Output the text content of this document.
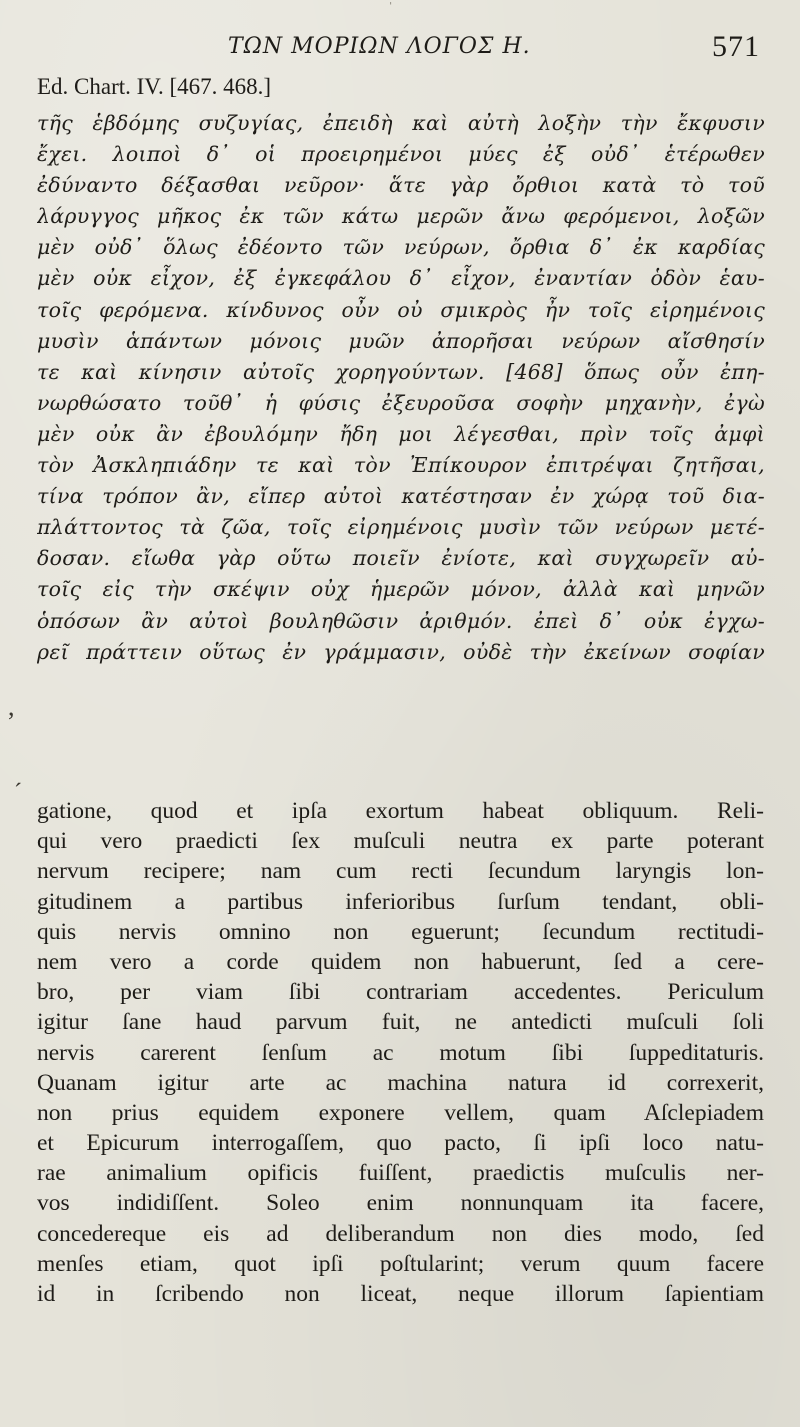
ˈ
ΤΩΝ ΜΟΡΙΩΝ ΛΟΓΟΣ Η.	571
Ed. Chart. IV. [467. 468.]
τῆς ἑβδόμης συζυγίας, ἐπειδὴ καὶ αὐτὴ λοξὴν τὴν ἔκφυσιν
ἔχει. λοιποὶ δ᾽ οἱ προειρημένοι μύες ἐξ οὐδ᾽ ἑτέρωθεν
ἐδύναντο δέξασθαι νεῦρον· ἅτε γὰρ ὄρθιοι κατὰ τὸ τοῦ
λάρυγγος μῆκος ἐκ τῶν κάτω μερῶν ἄνω φερόμενοι, λοξῶν
μὲν οὐδ᾽ ὅλως ἐδέοντο τῶν νεύρων, ὄρθια δ᾽ ἐκ καρδίας
μὲν οὐκ εἶχον, ἐξ ἐγκεφάλου δ᾽ εἶχον, ἐναντίαν ὁδὸν ἑαυ-
τοῖς φερόμενα. κίνδυνος οὖν οὐ σμικρὸς ἦν τοῖς εἰρημένοις
μυσὶν ἁπάντων μόνοις μυῶν ἀπορῆσαι νεύρων αἴσθησίν
τε καὶ κίνησιν αὐτοῖς χορηγούντων. [468] ὅπως οὖν ἐπη-
νωρθώσατο τοῦθ᾽ ἡ φύσις ἐξευροῦσα σοφὴν μηχανὴν, ἐγὼ
μὲν οὐκ ἂν ἐβουλόμην ἤδη μοι λέγεσθαι, πρὶν τοῖς ἀμφὶ
τὸν Ἀσκληπιάδην τε καὶ τὸν Ἐπίκουρον ἐπιτρέψαι ζητῆσαι,
τίνα τρόπον ἂν, εἴπερ αὐτοὶ κατέστησαν ἐν χώρᾳ τοῦ δια-
πλάττοντος τὰ ζῶα, τοῖς εἰρημένοις μυσὶν τῶν νεύρων μετέ-
δοσαν. εἴωθα γὰρ οὕτω ποιεῖν ἐνίοτε, καὶ συγχωρεῖν αὐ-
τοῖς εἰς τὴν σκέψιν οὐχ ἡμερῶν μόνον, ἀλλὰ καὶ μηνῶν
ὁπόσων ἂν αὐτοὶ βουληθῶσιν ἀριθμόν. ἐπεὶ δ᾽ οὐκ ἐγχω-
ρεῖ πράττειν οὕτως ἐν γράμμασιν, οὐδὲ τὴν ἐκείνων σοφίαν
,
ˊ
gatione, quod et ipſa exortum habeat obliquum. Reli-
qui vero praedicti ſex muſculi neutra ex parte poterant
nervum recipere; nam cum recti ſecundum laryngis lon-
gitudinem a partibus inferioribus ſurſum tendant, obli-
quis nervis omnino non eguerunt; ſecundum rectitudi-
nem vero a corde quidem non habuerunt, ſed a cere-
bro, per viam ſibi contrariam accedentes. Periculum
igitur ſane haud parvum fuit, ne antedicti muſculi ſoli
nervis carerent ſenſum ac motum ſibi ſuppeditaturis.
Quanam igitur arte ac machina natura id correxerit,
non prius equidem exponere vellem, quam Aſclepiadem
et Epicurum interrogaſſem, quo pacto, ſi ipſi loco natu-
rae animalium opificis fuiſſent, praedictis muſculis ner-
vos indidiſſent. Soleo enim nonnunquam ita facere,
concedereque eis ad deliberandum non dies modo, ſed
menſes etiam, quot ipſi poſtularint; verum quum facere
id in ſcribendo non liceat, neque illorum ſapientiam
